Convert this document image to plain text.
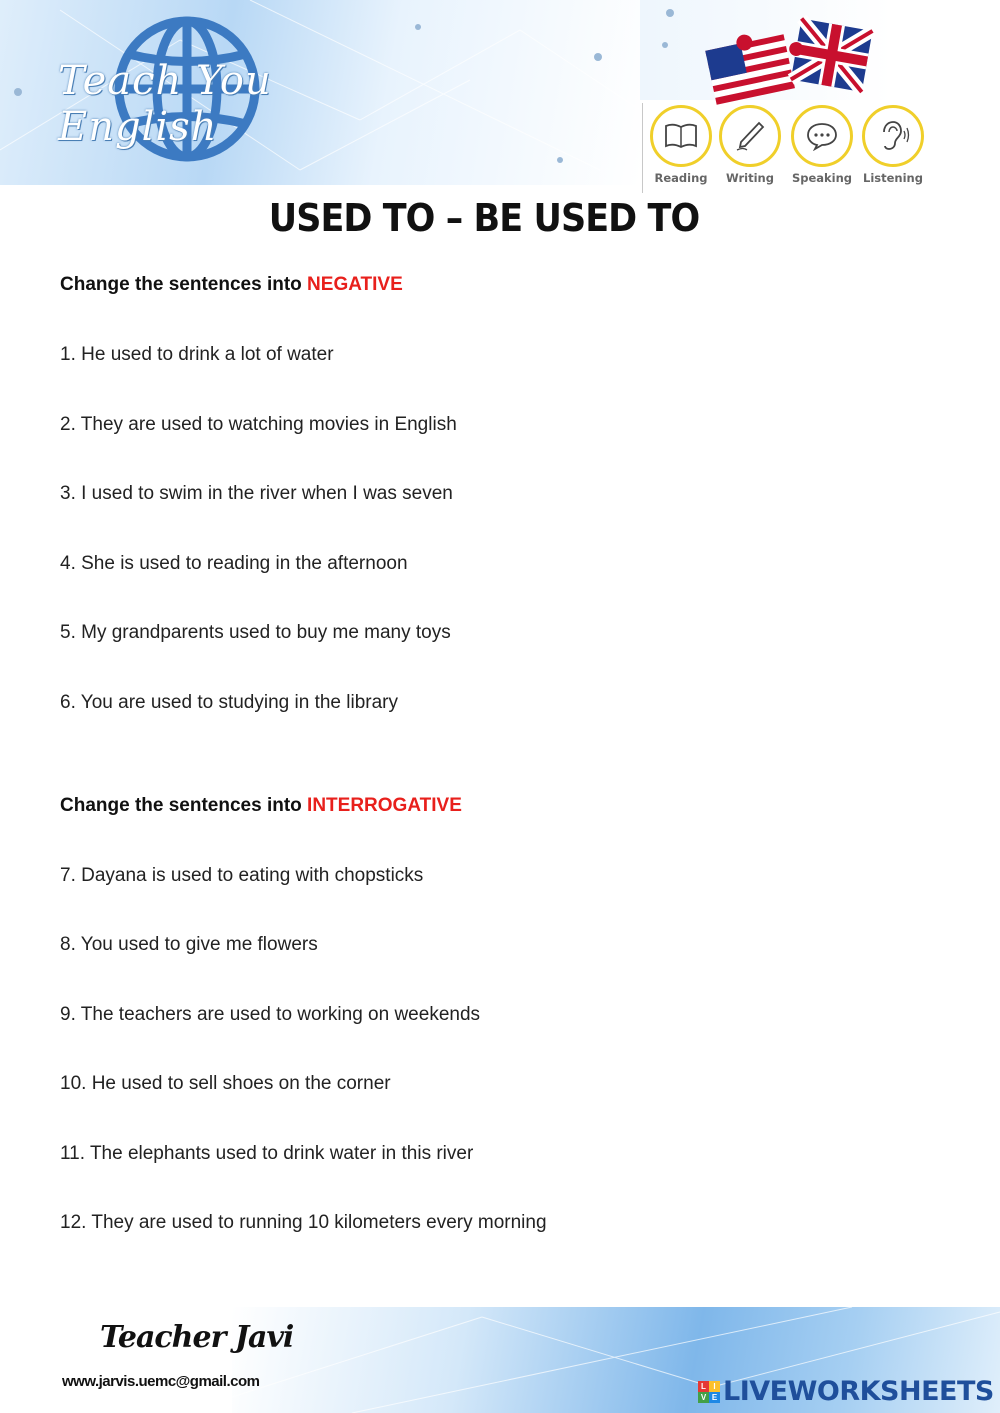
Teach You English
Reading	Writing	Speaking Listening
USED TO – BE USED TO
Change the sentences into NEGATIVE
1. He used to drink a lot of water
2. They are used to watching movies in English
3. I used to swim in the river when I was seven
4. She is used to reading in the afternoon
5. My grandparents used to buy me many toys
6. You are used to studying in the library
Change the sentences into INTERROGATIVE
7. Dayana is used to eating with chopsticks
8. You used to give me flowers
9. The teachers are used to working on weekends
10. He used to sell shoes on the corner
11. The elephants used to drink water in this river
12. They are used to running 10 kilometers every morning
Teacher Javi
www.jarvis.uemc@gmail.com	L I
V E LIVEWORKSHEETS
